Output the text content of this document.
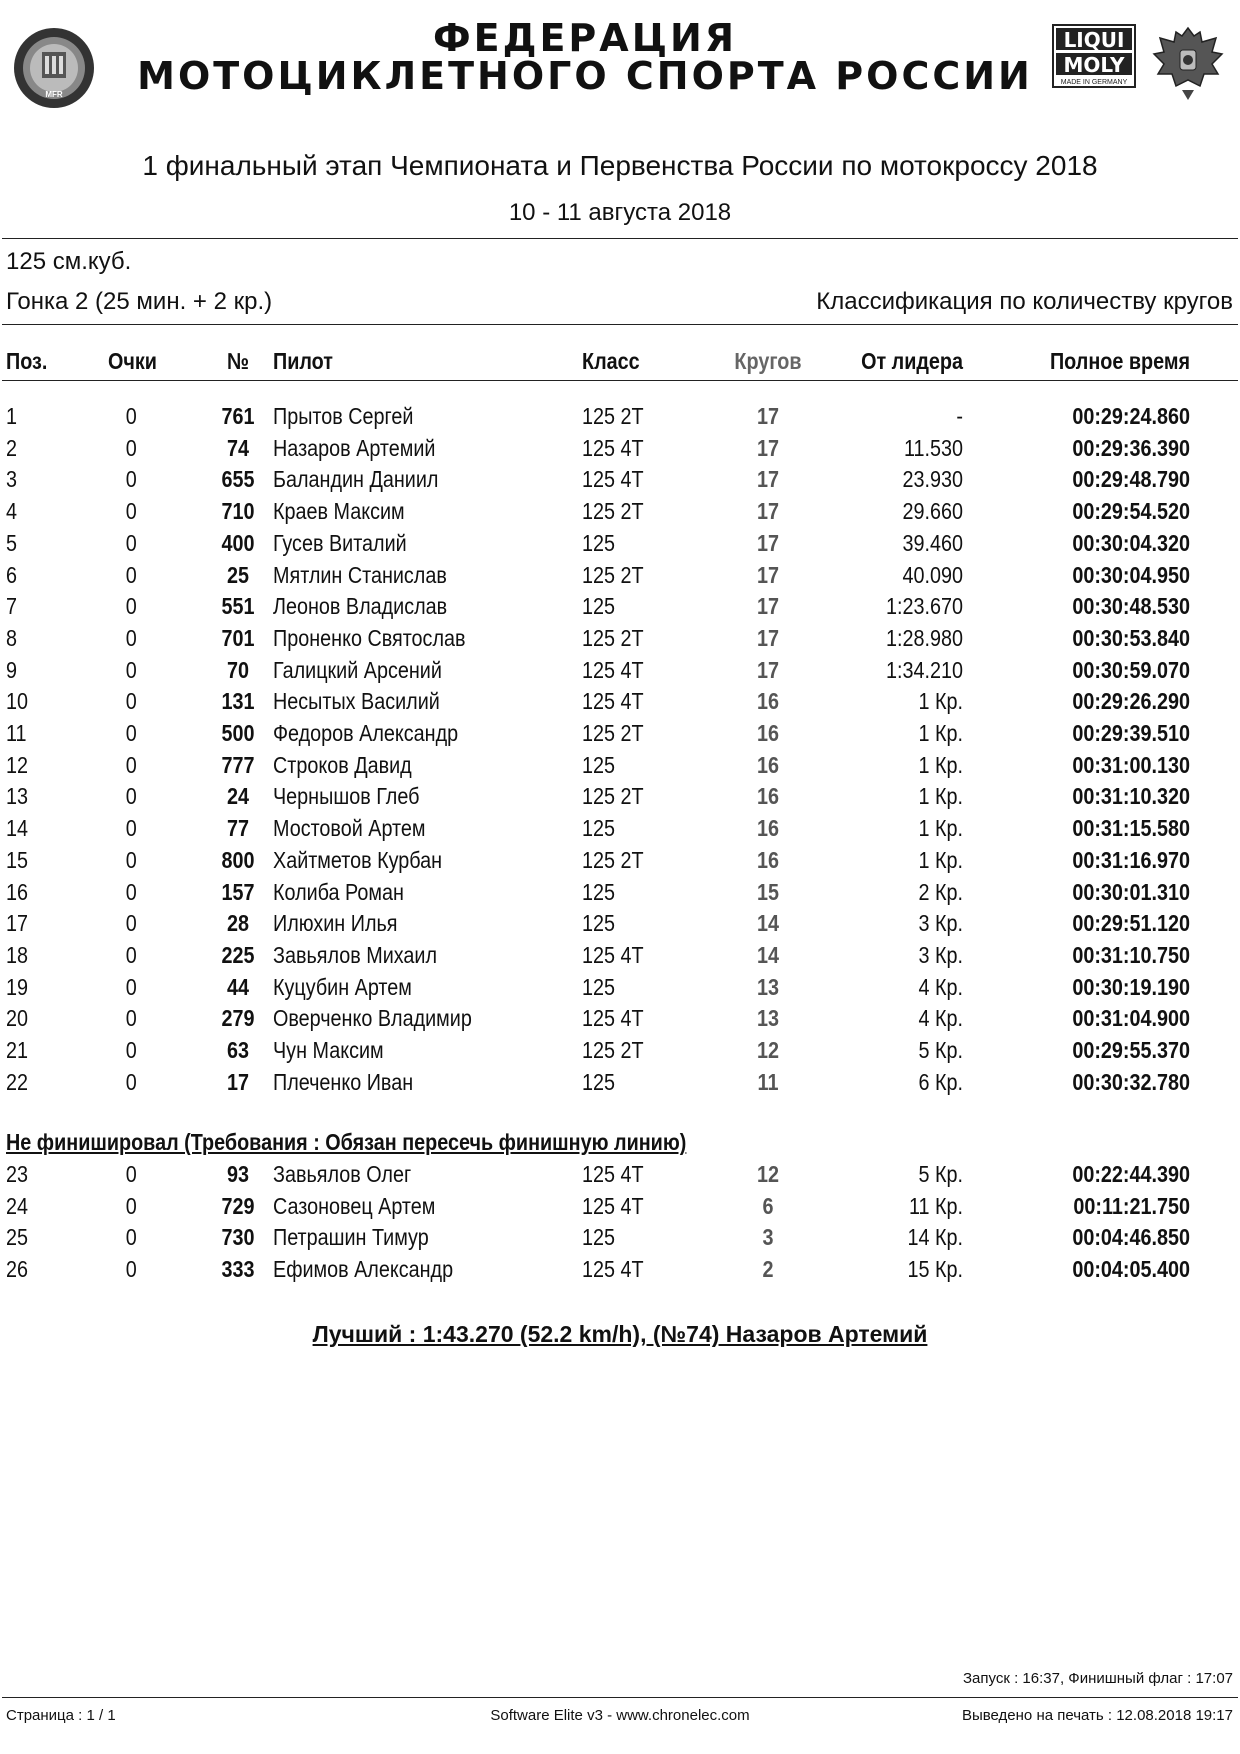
MFR
ФЕДЕРАЦИЯ
МОТОЦИКЛЕТНОГО СПОРТА РОССИИ
LIQUI
MOLY
MADE IN GERMANY
1 финальный этап Чемпионата и Первенства России по мотокроссу 2018
10 - 11 августа 2018
125 см.куб.
Гонка 2 (25 мин. + 2 кр.)	Классификация по количеству кругов
Поз.	Очки	№	Пилот	Класс	Кругов	От лидера	Полное время
1	0	761 Прытов Сергей	125 2Т	17	-	00:29:24.860
2	0	74	Назаров Артемий	125 4Т	17	11.530	00:29:36.390
3	0	655 Баландин Даниил	125 4Т	17	23.930	00:29:48.790
4	0	710 Краев Максим	125 2Т	17	29.660	00:29:54.520
5	0	400 Гусев Виталий	125	17	39.460	00:30:04.320
6	0	25	Мятлин Станислав	125 2Т	17	40.090	00:30:04.950
7	0	551 Леонов Владислав	125	17	1:23.670	00:30:48.530
8	0	701 Проненко Святослав	125 2Т	17	1:28.980	00:30:53.840
9	0	70	Галицкий Арсений	125 4Т	17	1:34.210	00:30:59.070
10	0	131 Несытых Василий	125 4Т	16	1 Кр.	00:29:26.290
11	0	500 Федоров Александр	125 2Т	16	1 Кр.	00:29:39.510
12	0	777 Строков Давид	125	16	1 Кр.	00:31:00.130
13	0	24	Чернышов Глеб	125 2Т	16	1 Кр.	00:31:10.320
14	0	77	Мостовой Артем	125	16	1 Кр.	00:31:15.580
15	0	800 Хайтметов Курбан	125 2Т	16	1 Кр.	00:31:16.970
16	0	157 Колиба Роман	125	15	2 Кр.	00:30:01.310
17	0	28	Илюхин Илья	125	14	3 Кр.	00:29:51.120
18	0	225 Завьялов Михаил	125 4Т	14	3 Кр.	00:31:10.750
19	0	44	Куцубин Артем	125	13	4 Кр.	00:30:19.190
20	0	279 Оверченко Владимир	125 4Т	13	4 Кр.	00:31:04.900
21	0	63	Чун Максим	125 2Т	12	5 Кр.	00:29:55.370
22	0	17	Плеченко Иван	125	11	6 Кр.	00:30:32.780
Не финишировал (Требования : Обязан пересечь финишную линию)
23	0	93	Завьялов Олег	125 4Т	12	5 Кр.	00:22:44.390
24	0	729 Сазоновец Артем	125 4Т	6	11 Кр.	00:11:21.750
25	0	730 Петрашин Тимур	125	3	14 Кр.	00:04:46.850
26	0	333 Ефимов Александр	125 4Т	2	15 Кр.	00:04:05.400
Лучший : 1:43.270 (52.2 km/h), (№74) Назаров Артемий
Запуск : 16:37, Финишный флаг : 17:07
Страница : 1 / 1	Software Elite v3 - www.chronelec.com	Выведено на печать : 12.08.2018 19:17
